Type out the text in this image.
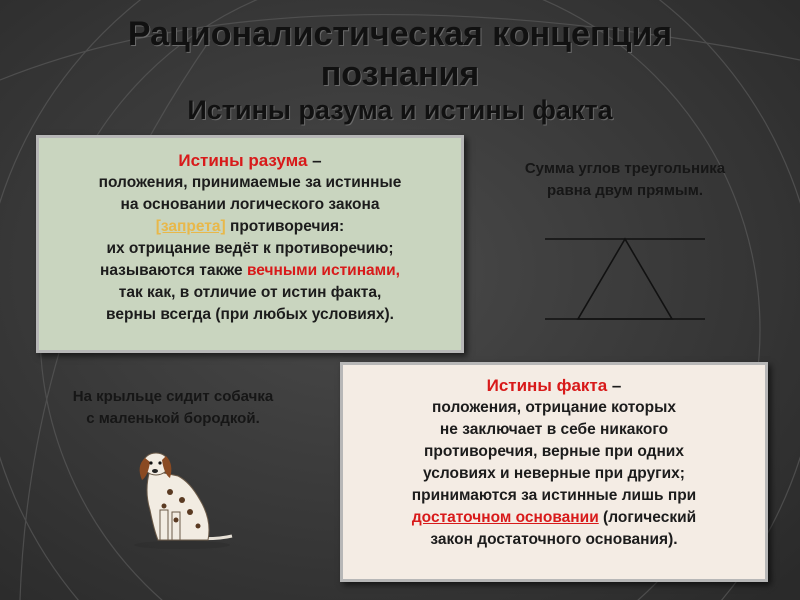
Рационалистическая концепция
познания
Истины разума и истины факта
Истины разума –
положения, принимаемые за истинные
на основании логического закона
[запрета] противоречия:
их отрицание ведёт к противоречию;
называются также вечными истинами,
так как, в отличие от истин факта,
верны всегда (при любых условиях).
Сумма углов треугольника
равна двум прямым.
На крыльце сидит собачка
с маленькой бородкой.
Истины факта –
положения, отрицание которых
не заключает в себе никакого
противоречия, верные при одних
условиях и неверные при других;
принимаются за истинные лишь при
достаточном основании (логический
закон достаточного основания).
